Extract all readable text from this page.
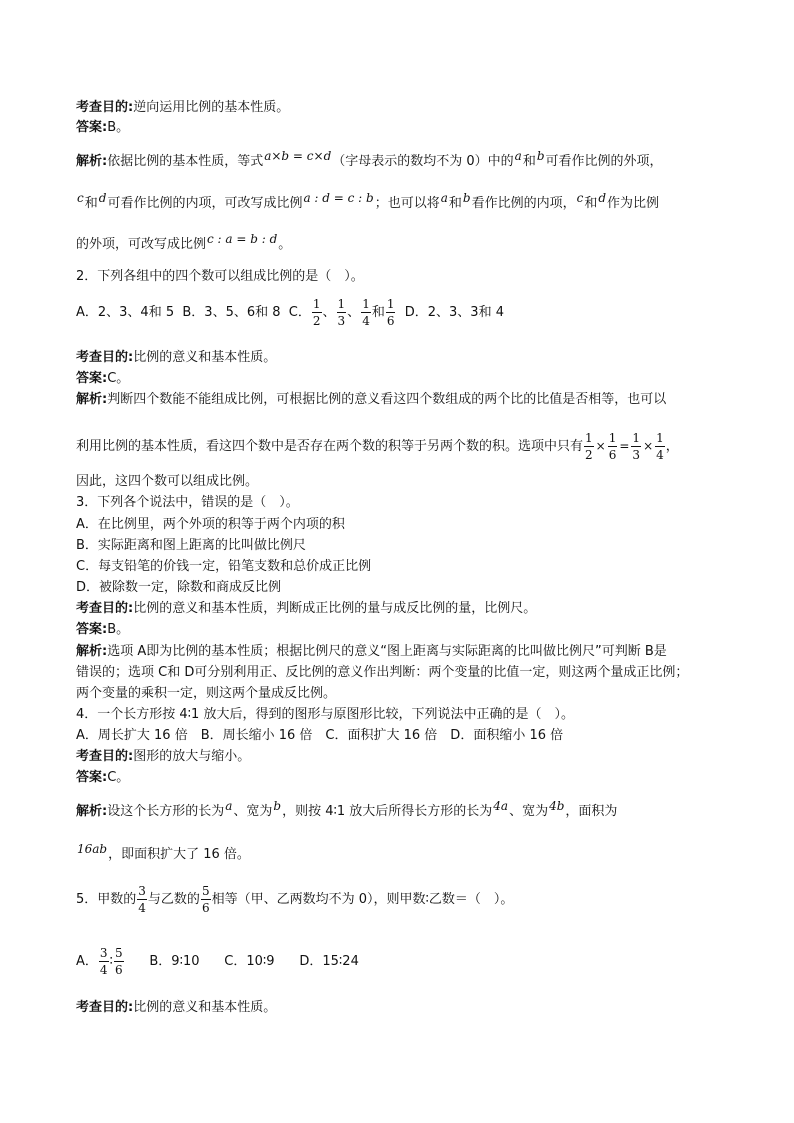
考查目的:逆向运用比例的基本性质。
答案:B。
解析:依据比例的基本性质，等式a×b = c×d（字母表示的数均不为 0）中的a和b可看作比例的外项，
c和d可看作比例的内项，可改写成比例a : d = c : b；也可以将a和b看作比例的内项，c和d作为比例
的外项，可改写成比例c : a = b : d。
2．下列各组中的四个数可以组成比例的是（　）。
A．2、3、4和 5 B．3、5、6和 8 C． $\frac{1}{2}$ 、 $\frac{1}{3}$ 、 $\frac{1}{4}$ 和 $\frac{1}{6}$ D．2、3、3和 4
考查目的:比例的意义和基本性质。
答案:C。
解析:判断四个数能不能组成比例，可根据比例的意义看这四个数组成的两个比的比值是否相等，也可以
利用比例的基本性质，看这四个数中是否存在两个数的积等于另两个数的积。选项中只有 $\frac{1}{2} \times \frac{1}{6} = \frac{1}{3} \times \frac{1}{4}$ ，
因此，这四个数可以组成比例。
3．下列各个说法中，错误的是（　）。
A．在比例里，两个外项的积等于两个内项的积
B．实际距离和图上距离的比叫做比例尺
C．每支铅笔的价钱一定，铅笔支数和总价成正比例
D．被除数一定，除数和商成反比例
考查目的:比例的意义和基本性质，判断成正比例的量与成反比例的量，比例尺。
答案:B。
解析:选项 A即为比例的基本性质；根据比例尺的意义“图上距离与实际距离的比叫做比例尺”可判断 B是
错误的；选项 C和 D可分别利用正、反比例的意义作出判断：两个变量的比值一定，则这两个量成正比例；
两个变量的乘积一定，则这两个量成反比例。
4．一个长方形按 4∶1 放大后，得到的图形与原图形比较，下列说法中正确的是（　）。
A．周长扩大 16 倍　B．周长缩小 16 倍　C．面积扩大 16 倍　D．面积缩小 16 倍
考查目的:图形的放大与缩小。
答案:C。
解析:设这个长方形的长为a、宽为b，则按 4∶1 放大后所得长方形的长为4a、宽为4b，面积为
16ab，即面积扩大了 16 倍。
5．甲数的 $\frac{3}{4}$ 与乙数的 $\frac{5}{6}$ 相等（甲、乙两数均不为 0），则甲数∶乙数＝（　）。
A． $\frac{3}{4}$ ∶ $\frac{5}{6}$ B．9∶10 C．10∶9 D．15∶24
考查目的:比例的意义和基本性质。
